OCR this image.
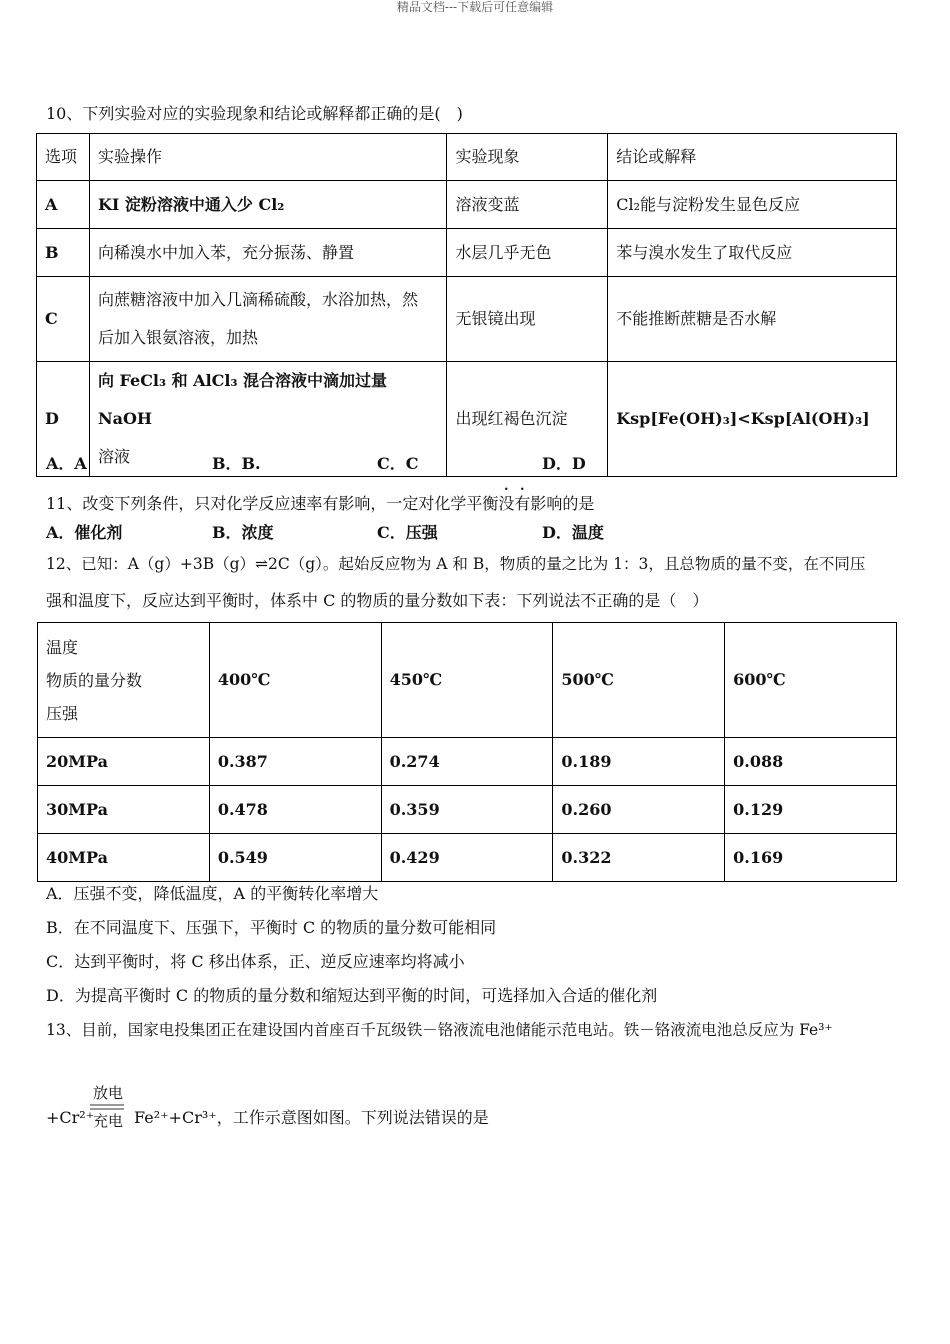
精品文档---下载后可任意编辑
10、下列实验对应的实验现象和结论或解释都正确的是(　)
选项	实验操作	实验现象	结论或解释
A	KI 淀粉溶液中通入少 Cl₂	溶液变蓝	Cl₂能与淀粉发生显色反应
B	向稀溴水中加入苯，充分振荡、静置	水层几乎无色	苯与溴水发生了取代反应
C	向蔗糖溶液中加入几滴稀硫酸，水浴加热，然
后加入银氨溶液，加热	无银镜出现	不能推断蔗糖是否水解
D	向 FeCl₃ 和 AlCl₃ 混合溶液中滴加过量 NaOH
溶液	出现红褐色沉淀	Ksp[Fe(OH)₃]<Ksp[Al(OH)₃]
A．A	B．B.	C．C	D．D
11、改变下列条件，只对化学反应速率有影响，一定对化学平衡没有影响的是
A．催化剂	B．浓度	C．压强	D．温度
12、已知：A（g）+3B（g）⇌2C（g）。起始反应物为 A 和 B，物质的量之比为 1：3，且总物质的量不变，在不同压
强和温度下，反应达到平衡时，体系中 C 的物质的量分数如下表：下列说法不正确的是（　）
温度
物质的量分数
压强	400℃	450℃	500℃	600℃
20MPa	0.387	0.274	0.189	0.088
30MPa	0.478	0.359	0.260	0.129
40MPa	0.549	0.429	0.322	0.169
A．压强不变，降低温度，A 的平衡转化率增大
B．在不同温度下、压强下，平衡时 C 的物质的量分数可能相同
C．达到平衡时，将 C 移出体系，正、逆反应速率均将减小
D．为提高平衡时 C 的物质的量分数和缩短达到平衡的时间，可选择加入合适的催化剂
13、目前，国家电投集团正在建设国内首座百千瓦级铁－铬液流电池储能示范电站。铁－铬液流电池总反应为 Fe³⁺
+Cr²⁺
放电
充电 Fe²⁺+Cr³⁺，工作示意图如图。下列说法错误的是
